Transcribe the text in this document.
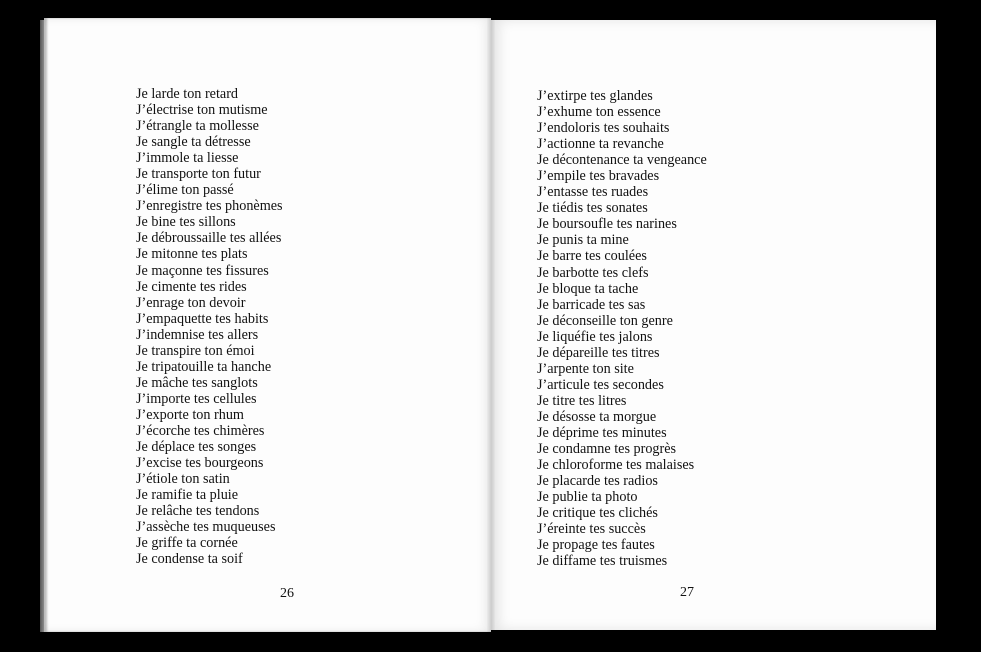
Je larde ton retard
J’électrise ton mutisme
J’étrangle ta mollesse
Je sangle ta détresse
J’immole ta liesse
Je transporte ton futur
J’élime ton passé
J’enregistre tes phonèmes
Je bine tes sillons
Je débroussaille tes allées
Je mitonne tes plats
Je maçonne tes fissures
Je cimente tes rides
J’enrage ton devoir
J’empaquette tes habits
J’indemnise tes allers
Je transpire ton émoi
Je tripatouille ta hanche
Je mâche tes sanglots
J’importe tes cellules
J’exporte ton rhum
J’écorche tes chimères
Je déplace tes songes
J’excise tes bourgeons
J’étiole ton satin
Je ramifie ta pluie
Je relâche tes tendons
J’assèche tes muqueuses
Je griffe ta cornée
Je condense ta soif
26
J’extirpe tes glandes
J’exhume ton essence
J’endoloris tes souhaits
J’actionne ta revanche
Je décontenance ta vengeance
J’empile tes bravades
J’entasse tes ruades
Je tiédis tes sonates
Je boursoufle tes narines
Je punis ta mine
Je barre tes coulées
Je barbotte tes clefs
Je bloque ta tache
Je barricade tes sas
Je déconseille ton genre
Je liquéfie tes jalons
Je dépareille tes titres
J’arpente ton site
J’articule tes secondes
Je titre tes litres
Je désosse ta morgue
Je déprime tes minutes
Je condamne tes progrès
Je chloroforme tes malaises
Je placarde tes radios
Je publie ta photo
Je critique tes clichés
J’éreinte tes succès
Je propage tes fautes
Je diffame tes truismes
27
